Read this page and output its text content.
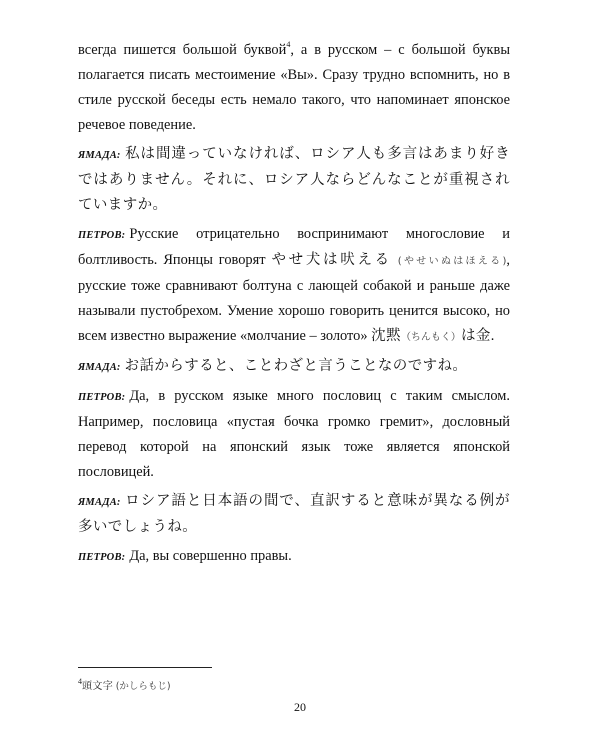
всегда пишется большой буквой$^4$, а в русском – с большой буквы полагается писать местоимение «Вы». Сразу трудно вспомнить, но в стиле русской беседы есть немало такого, что напоминает японское речевое поведение.

ЯМАДА: 私は間違っていなければ、ロシア人も多言はあまり好きではありません。それに、ロシア人ならどんなことが重視されていますか。

ПЕТРОВ: Русские отрицательно воспринимают многословие и болтливость. Японцы говорят やせ犬は吠える (やせいぬはほえる), русские тоже сравнивают болтуна с лающей собакой и раньше даже называли пустобрехом. Умение хорошо говорить ценится высоко, но всем известно выражение «молчание – золото» 沈黙（ちんもく）は金.

ЯМАДА: お話からすると、ことわざと言うことなのですね。

ПЕТРОВ: Да, в русском языке много пословиц с таким смыслом. Например, пословица «пустая бочка громко гремит», дословный перевод которой на японский язык тоже является японской пословицей.

ЯМАДА: ロシア語と日本語の間で、直訳すると意味が異なる例が多いでしょうね。

ПЕТРОВ: Да, вы совершенно правы.

$^4$頭文字 (かしらもじ)
20
